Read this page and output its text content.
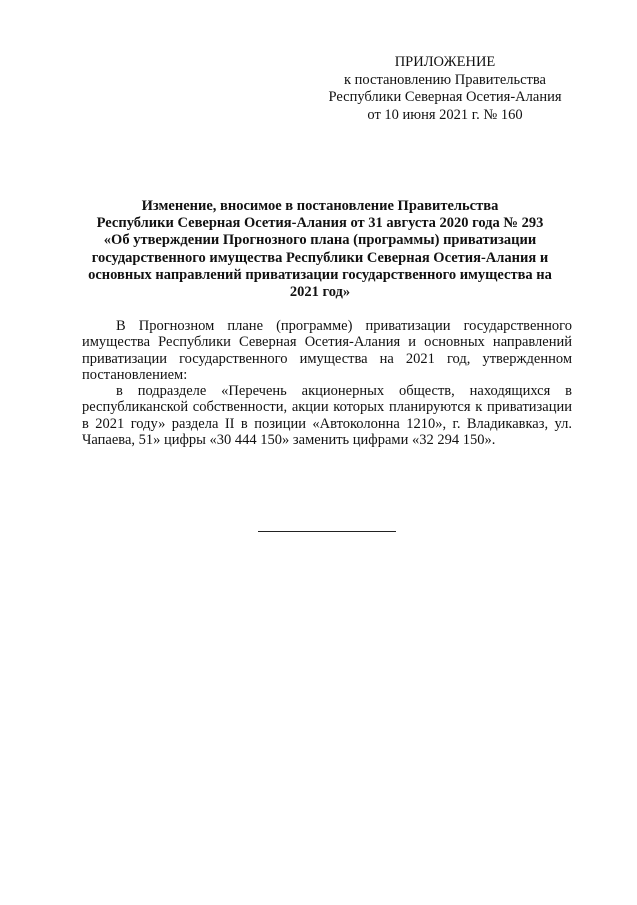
ПРИЛОЖЕНИЕ
к постановлению Правительства
Республики Северная Осетия-Алания
от 10 июня 2021 г. № 160
Изменение, вносимое в постановление Правительства
Республики Северная Осетия-Алания от 31 августа 2020 года № 293
«Об утверждении Прогнозного плана (программы) приватизации
государственного имущества Республики Северная Осетия-Алания и
основных направлений приватизации государственного имущества на
2021 год»

В Прогнозном плане (программе) приватизации государственного имущества Республики Северная Осетия-Алания и основных направлений приватизации государственного имущества на 2021 год, утвержденном постановлением:

в подразделе «Перечень акционерных обществ, находящихся в республиканской собственности, акции которых планируются к приватизации в 2021 году» раздела II в позиции «Автоколонна 1210», г. Владикавказ, ул. Чапаева, 51» цифры «30 444 150» заменить цифрами «32 294 150».
